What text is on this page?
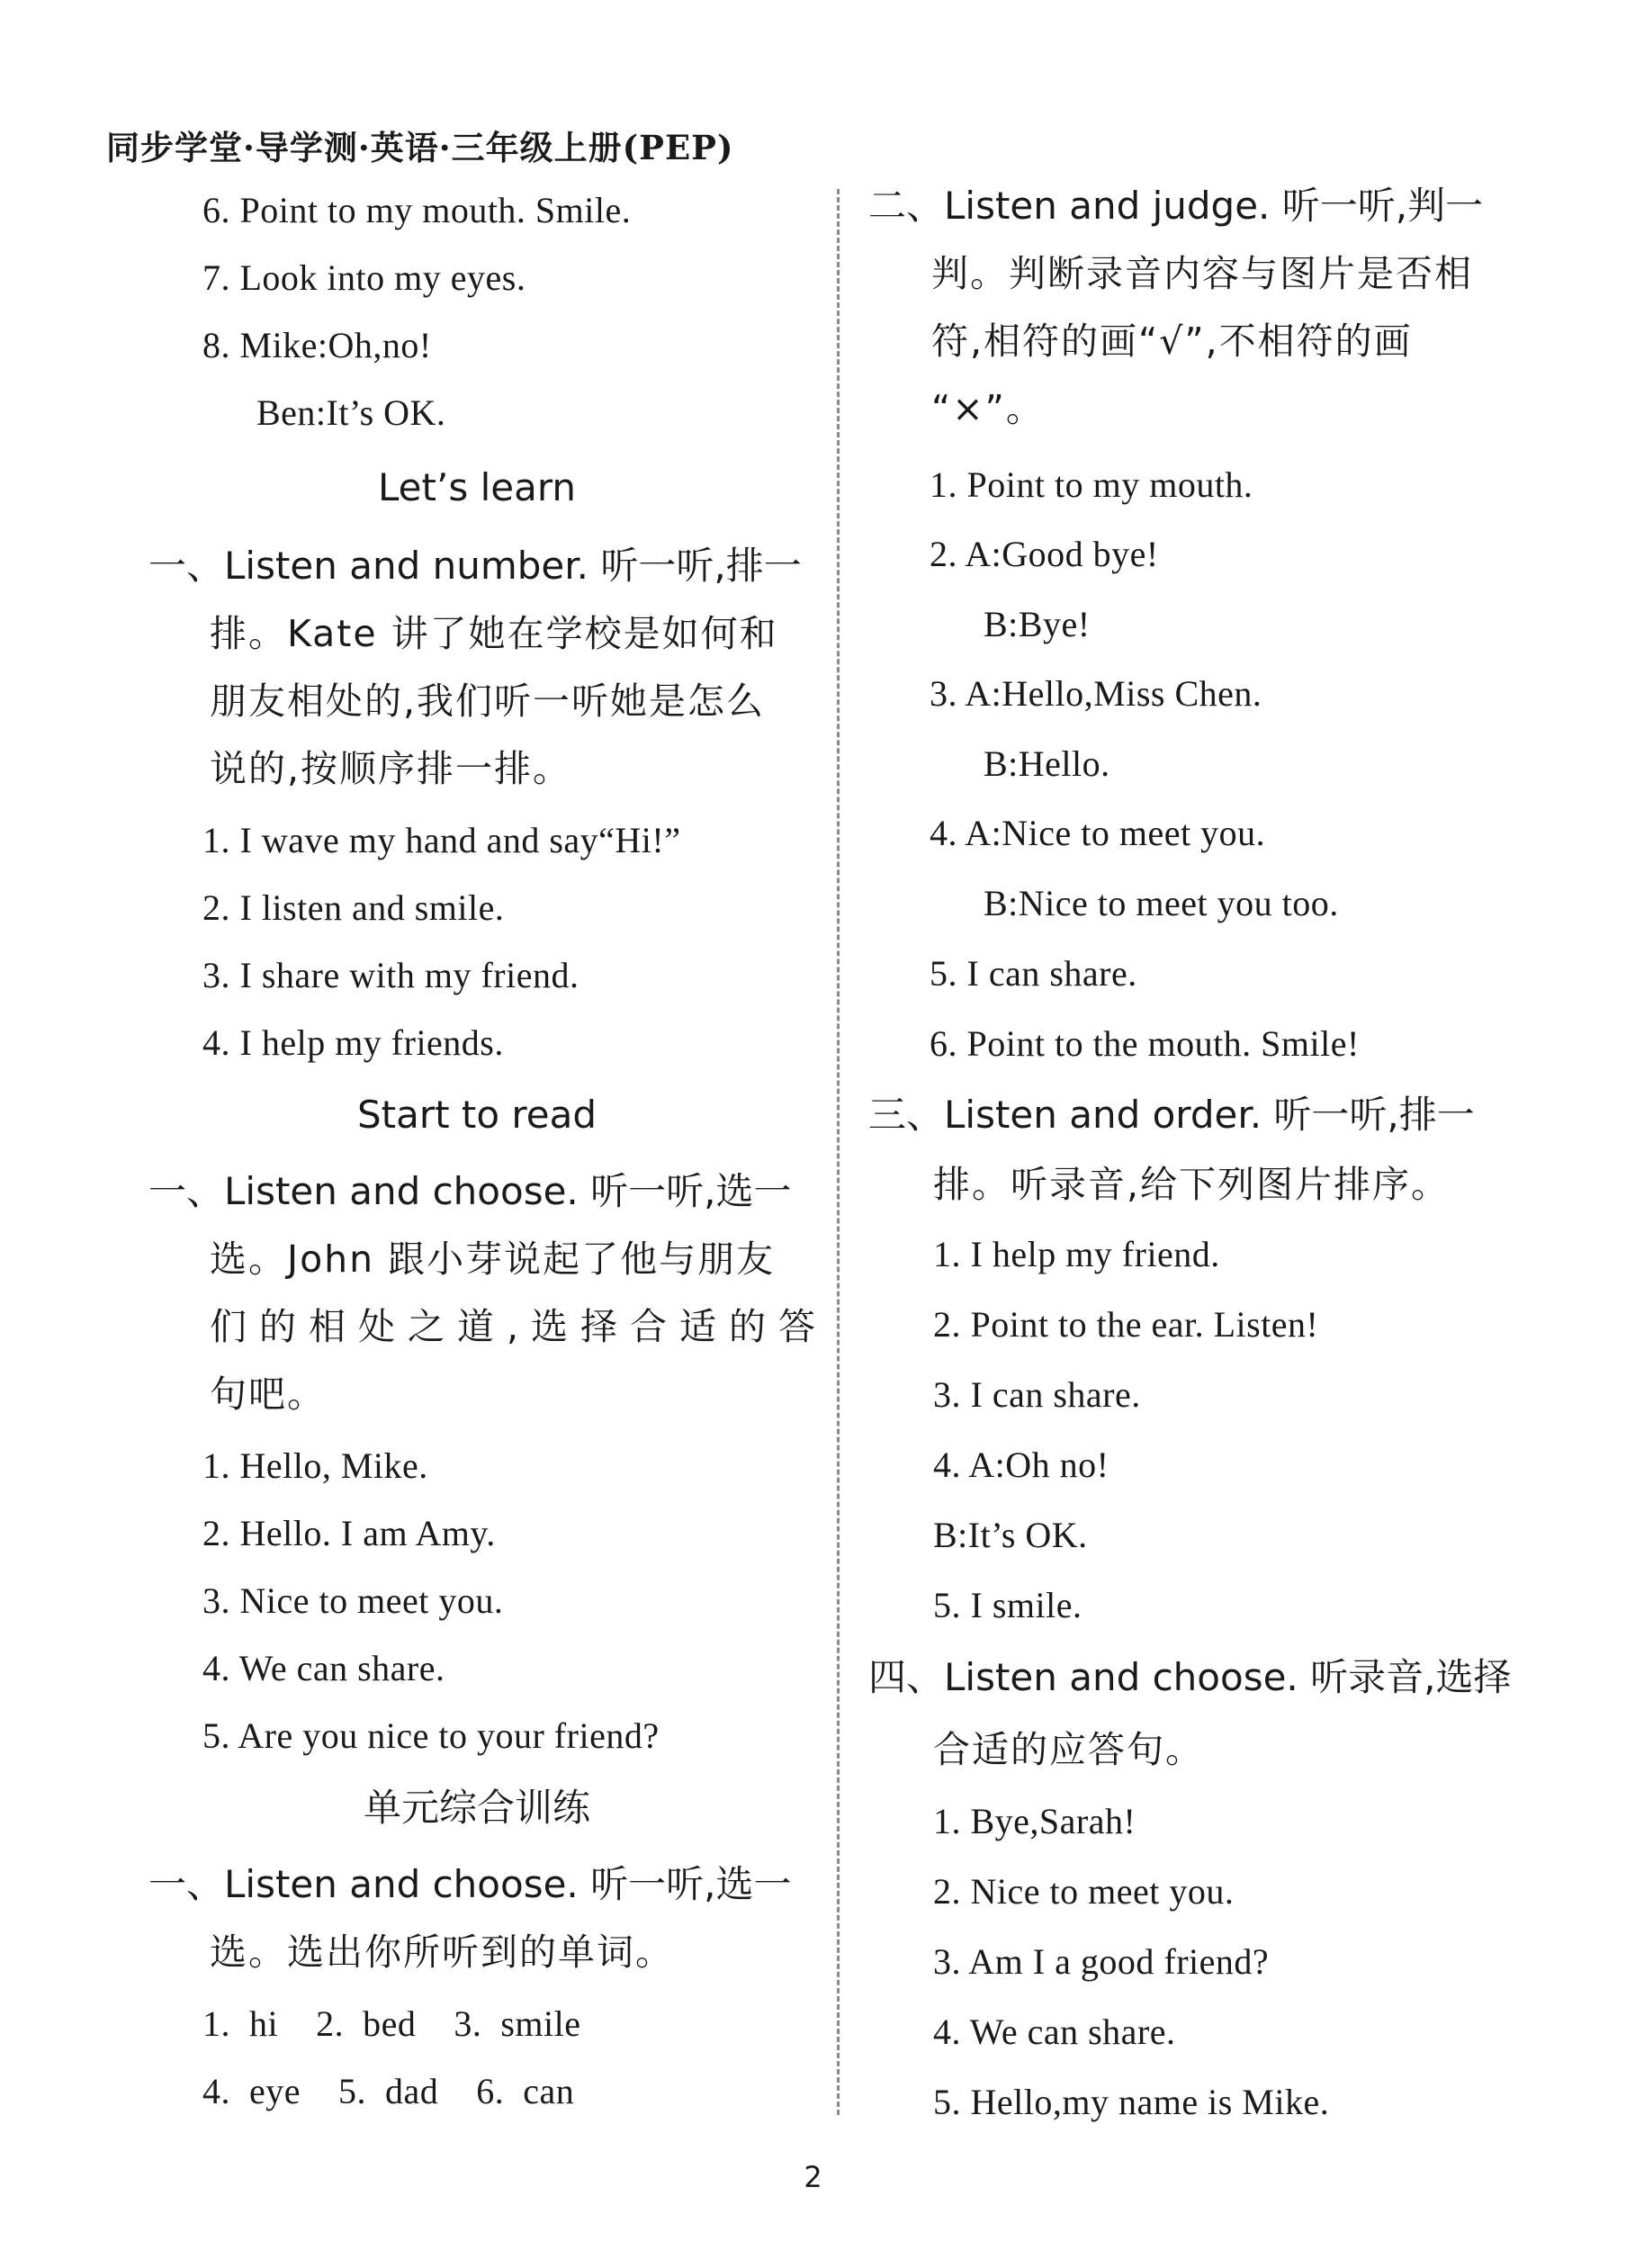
同步学堂·导学测·英语·三年级上册(PEP)
6. Point to my mouth. Smile.
7. Look into my eyes.
8. Mike:Oh,no!
Ben:It’s OK.
Let’s learn
一、Listen and number. 听一听,排一
排。Kate 讲了她在学校是如何和
朋友相处的,我们听一听她是怎么
说的,按顺序排一排。
1. I wave my hand and say“Hi!”
2. I listen and smile.
3. I share with my friend.
4. I help my friends.
Start to read
一、Listen and choose. 听一听,选一
选。John 跟小芽说起了他与朋友
们的相处之道,选择合适的答
句吧。
1. Hello, Mike.
2. Hello. I am Amy.
3. Nice to meet you.
4. We can share.
5. Are you nice to your friend?
单元综合训练
一、Listen and choose. 听一听,选一
选。选出你所听到的单词。
1.  hi    2.  bed    3.  smile
4.  eye    5.  dad    6.  can
二、Listen and judge. 听一听,判一
判。判断录音内容与图片是否相
符,相符的画“√”,不相符的画
“×”。
1. Point to my mouth.
2. A:Good bye!
B:Bye!
3. A:Hello,Miss Chen.
B:Hello.
4. A:Nice to meet you.
B:Nice to meet you too.
5. I can share.
6. Point to the mouth. Smile!
三、Listen and order. 听一听,排一
排。听录音,给下列图片排序。
1. I help my friend.
2. Point to the ear. Listen!
3. I can share.
4. A:Oh no!
B:It’s OK.
5. I smile.
四、Listen and choose. 听录音,选择
合适的应答句。
1. Bye,Sarah!
2. Nice to meet you.
3. Am I a good friend?
4. We can share.
5. Hello,my name is Mike.
2
